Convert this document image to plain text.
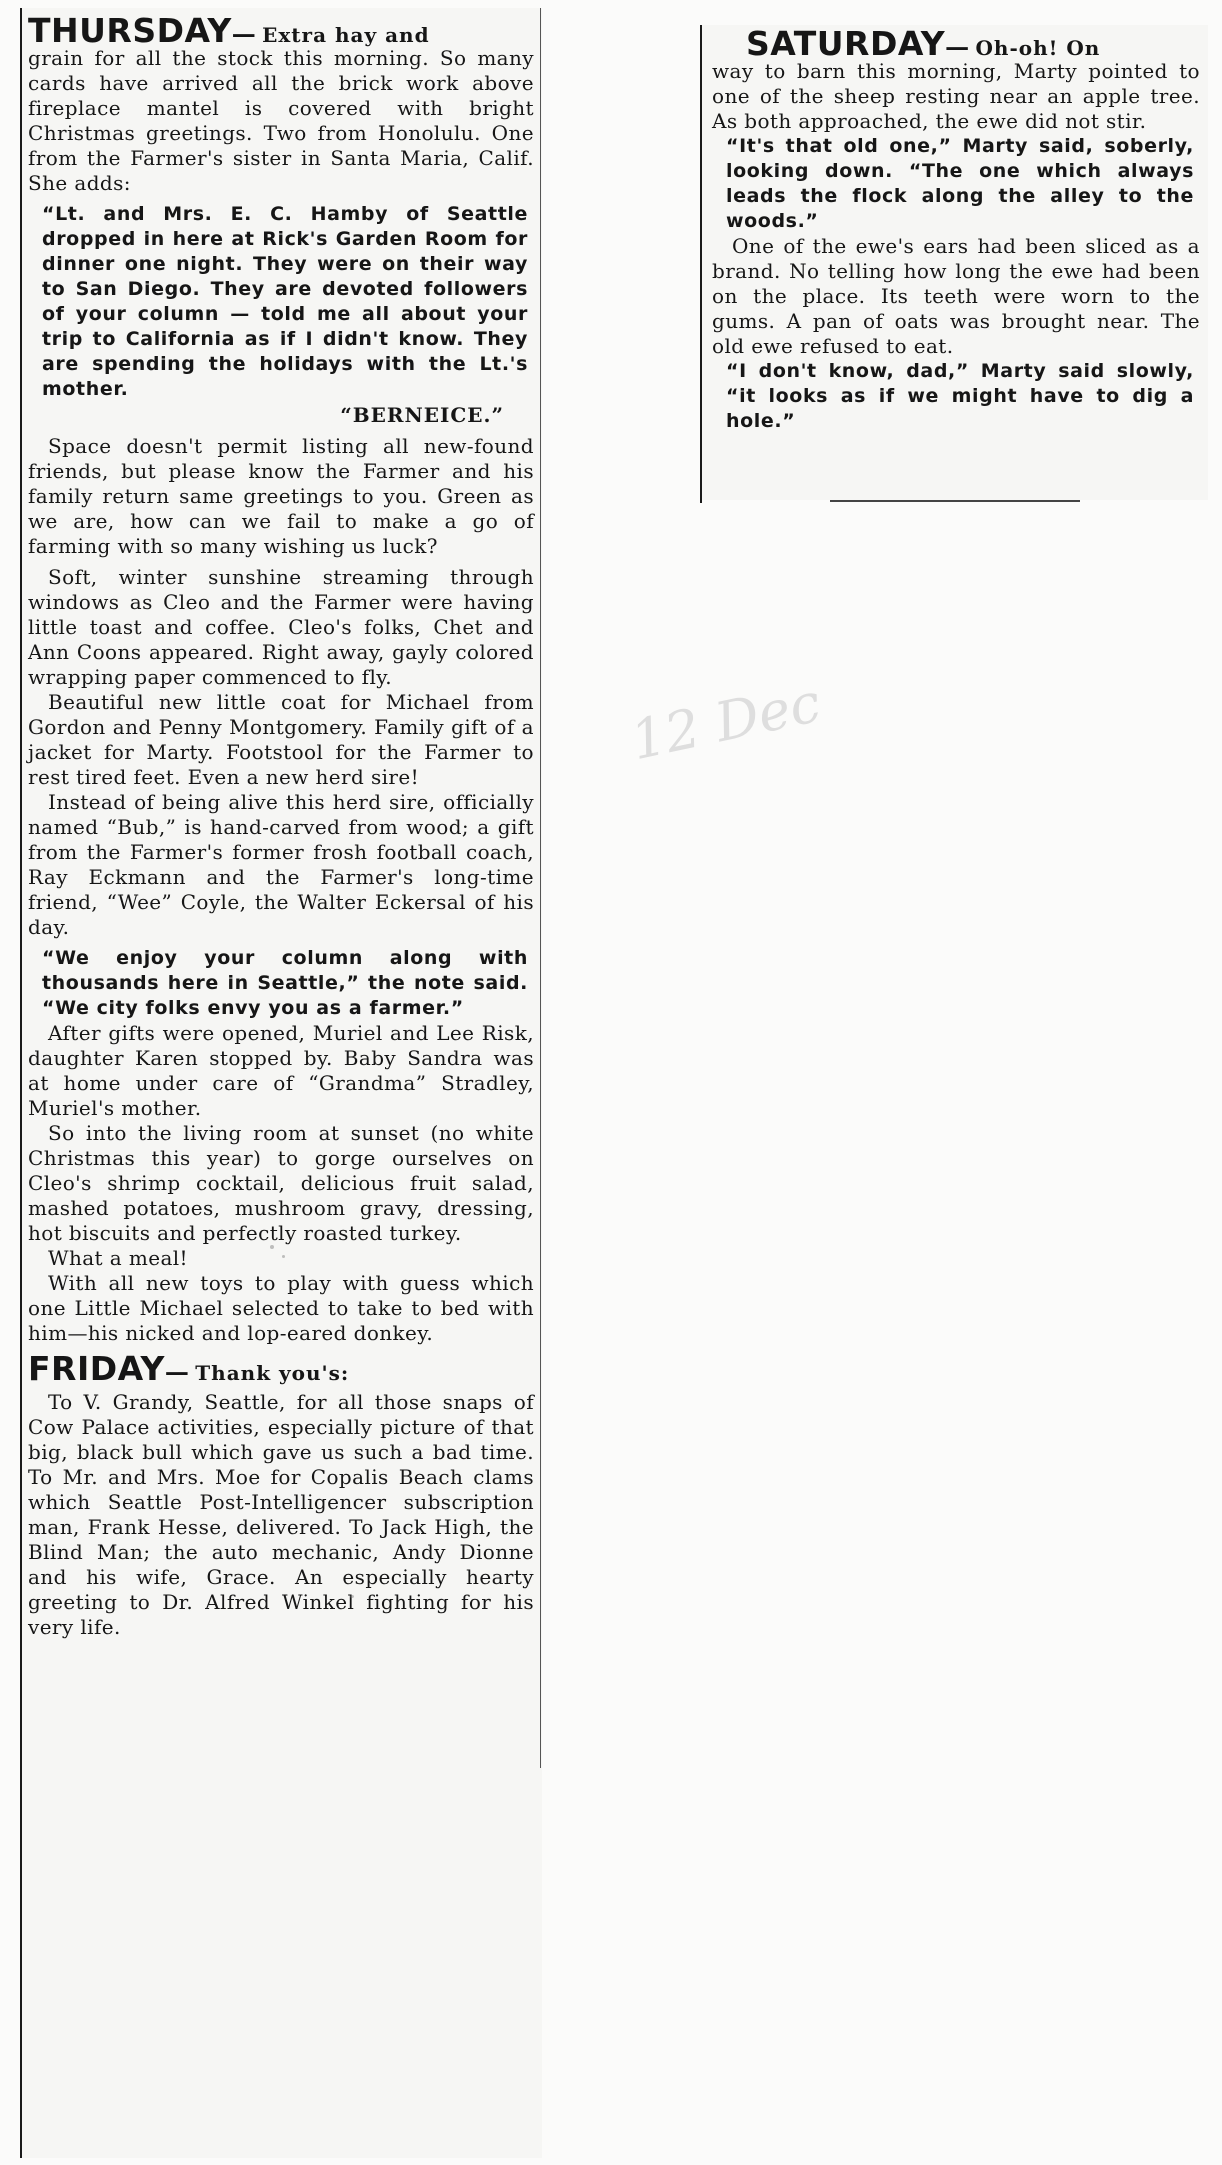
12 Dec

THURSDAY— Extra hay and

grain for all the stock this morning. So many cards have arrived all the brick work above fireplace mantel is covered with bright Christmas greetings. Two from Honolulu. One from the Farmer's sister in Santa Maria, Calif. She adds:

“Lt. and Mrs. E. C. Hamby of Seattle dropped in here at Rick's Garden Room for dinner one night. They were on their way to San Diego. They are devoted followers of your column — told me all about your trip to California as if I didn't know. They are spending the holidays with the Lt.'s mother.

“BERNEICE.”

Space doesn't permit listing all new-found friends, but please know the Farmer and his family return same greetings to you. Green as we are, how can we fail to make a go of farming with so many wishing us luck?

Soft, winter sunshine streaming through windows as Cleo and the Farmer were having little toast and coffee. Cleo's folks, Chet and Ann Coons appeared. Right away, gayly colored wrapping paper commenced to fly.

Beautiful new little coat for Michael from Gordon and Penny Montgomery. Family gift of a jacket for Marty. Footstool for the Farmer to rest tired feet. Even a new herd sire!

Instead of being alive this herd sire, officially named “Bub,” is hand-carved from wood; a gift from the Farmer's former frosh football coach, Ray Eckmann and the Farmer's long-time friend, “Wee” Coyle, the Walter Eckersal of his day.

“We enjoy your column along with thousands here in Seattle,” the note said. “We city folks envy you as a farmer.”

After gifts were opened, Muriel and Lee Risk, daughter Karen stopped by. Baby Sandra was at home under care of “Grandma” Stradley, Muriel's mother.

So into the living room at sunset (no white Christmas this year) to gorge ourselves on Cleo's shrimp cocktail, delicious fruit salad, mashed potatoes, mushroom gravy, dressing, hot biscuits and perfectly roasted turkey.

What a meal!

With all new toys to play with guess which one Little Michael selected to take to bed with him—his nicked and lop-eared donkey.

FRIDAY— Thank you's:

To V. Grandy, Seattle, for all those snaps of Cow Palace activities, especially picture of that big, black bull which gave us such a bad time. To Mr. and Mrs. Moe for Copalis Beach clams which Seattle Post-Intelligencer subscription man, Frank Hesse, delivered. To Jack High, the Blind Man; the auto mechanic, Andy Dionne and his wife, Grace. An especially hearty greeting to Dr. Alfred Winkel fighting for his very life.

SATURDAY— Oh-oh! On

way to barn this morning, Marty pointed to one of the sheep resting near an apple tree. As both approached, the ewe did not stir.

“It's that old one,” Marty said, soberly, looking down. “The one which always leads the flock along the alley to the woods.”

One of the ewe's ears had been sliced as a brand. No telling how long the ewe had been on the place. Its teeth were worn to the gums. A pan of oats was brought near. The old ewe refused to eat.

“I don't know, dad,” Marty said slowly, “it looks as if we might have to dig a hole.”
